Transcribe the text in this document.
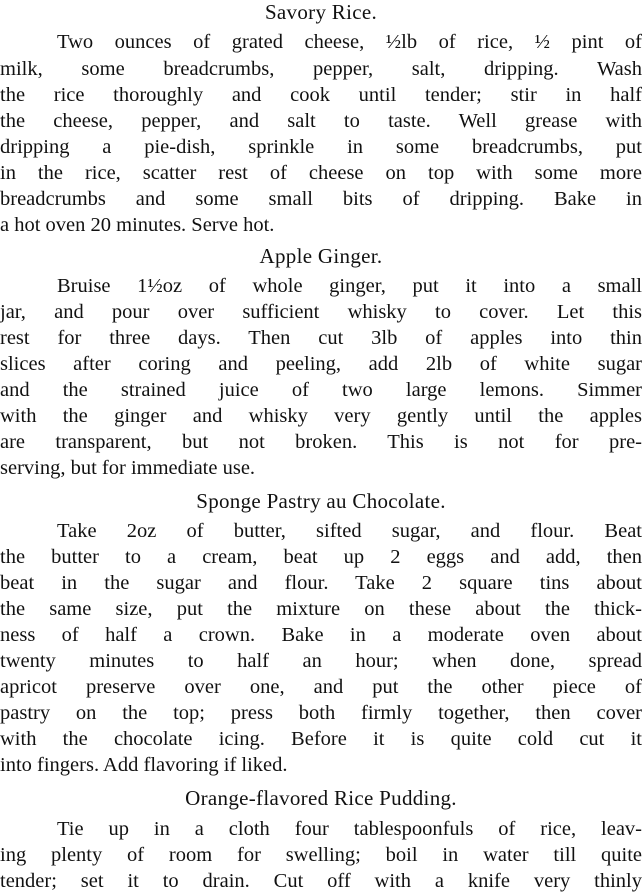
Savory Rice.
Two ounces of grated cheese, ½lb of rice, ½ pint of
milk, some breadcrumbs, pepper, salt, dripping. Wash
the rice thoroughly and cook until tender; stir in half
the cheese, pepper, and salt to taste. Well grease with
dripping a pie-dish, sprinkle in some breadcrumbs, put
in the rice, scatter rest of cheese on top with some more
breadcrumbs and some small bits of dripping. Bake in
a hot oven 20 minutes. Serve hot.
Apple Ginger.
Bruise 1½oz of whole ginger, put it into a small
jar, and pour over sufficient whisky to cover. Let this
rest for three days. Then cut 3lb of apples into thin
slices after coring and peeling, add 2lb of white sugar
and the strained juice of two large lemons. Simmer
with the ginger and whisky very gently until the apples
are transparent, but not broken. This is not for pre-
serving, but for immediate use.
Sponge Pastry au Chocolate.
Take 2oz of butter, sifted sugar, and flour. Beat
the butter to a cream, beat up 2 eggs and add, then
beat in the sugar and flour. Take 2 square tins about
the same size, put the mixture on these about the thick-
ness of half a crown. Bake in a moderate oven about
twenty minutes to half an hour; when done, spread
apricot preserve over one, and put the other piece of
pastry on the top; press both firmly together, then cover
with the chocolate icing. Before it is quite cold cut it
into fingers. Add flavoring if liked.
Orange-flavored Rice Pudding.
Tie up in a cloth four tablespoonfuls of rice, leav-
ing plenty of room for swelling; boil in water till quite
tender; set it to drain. Cut off with a knife very thinly
